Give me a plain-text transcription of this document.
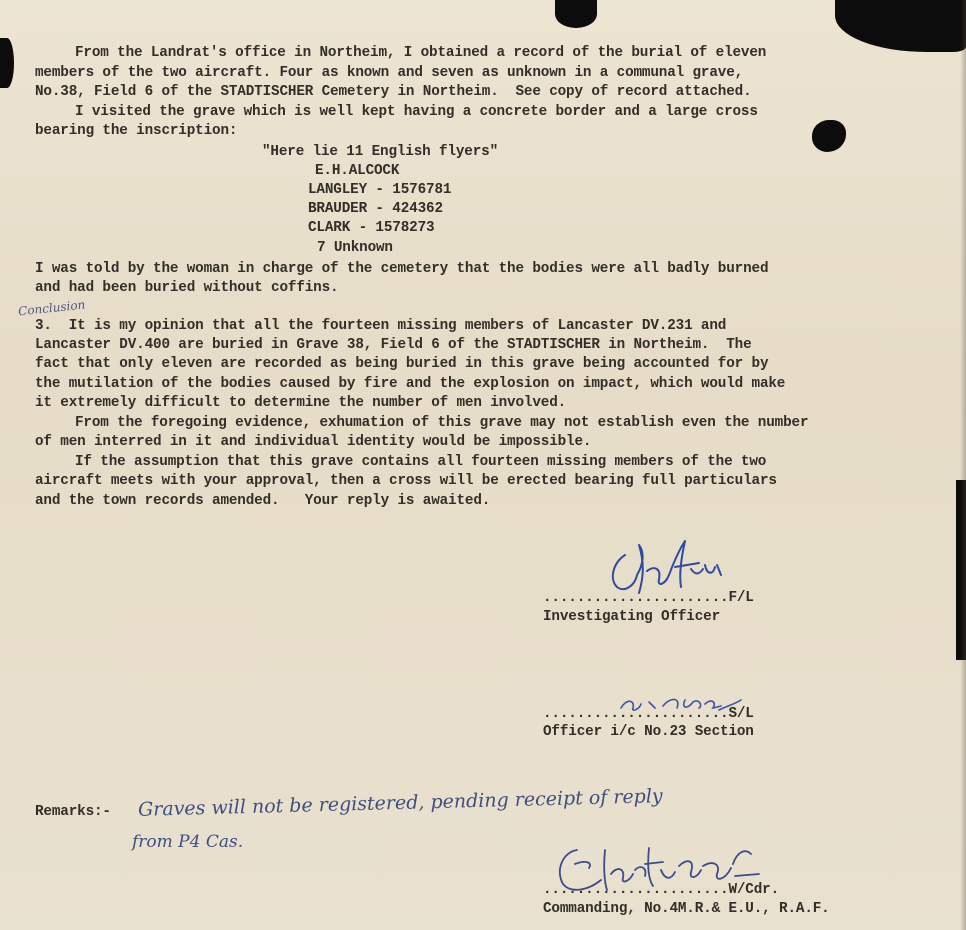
From the Landrat's office in Northeim, I obtained a record of the burial of eleven
members of the two aircraft. Four as known and seven as unknown in a communal grave,
No.38, Field 6 of the STADTISCHER Cemetery in Northeim.  See copy of record attached.
I visited the grave which is well kept having a concrete border and a large cross
bearing the inscription:
"Here lie 11 English flyers"
E.H.ALCOCK
LANGLEY - 1576781
BRAUDER - 424362
CLARK - 1578273
7 Unknown
I was told by the woman in charge of the cemetery that the bodies were all badly burned
and had been buried without coffins.
Conclusion
3.  It is my opinion that all the fourteen missing members of Lancaster DV.231 and
Lancaster DV.400 are buried in Grave 38, Field 6 of the STADTISCHER in Northeim.  The
fact that only eleven are recorded as being buried in this grave being accounted for by
the mutilation of the bodies caused by fire and the explosion on impact, which would make
it extremely difficult to determine the number of men involved.
From the foregoing evidence, exhumation of this grave may not establish even the number
of men interred in it and individual identity would be impossible.
If the assumption that this grave contains all fourteen missing members of the two
aircraft meets with your approval, then a cross will be erected bearing full particulars
and the town records amended.   Your reply is awaited.
......................F/L
Investigating Officer
......................S/L
Officer i/c No.23 Section
Remarks:- Graves will not be registered, pending receipt of reply
from P4 Cas.
......................W/Cdr.
Commanding, No.4M.R.& E.U., R.A.F.
